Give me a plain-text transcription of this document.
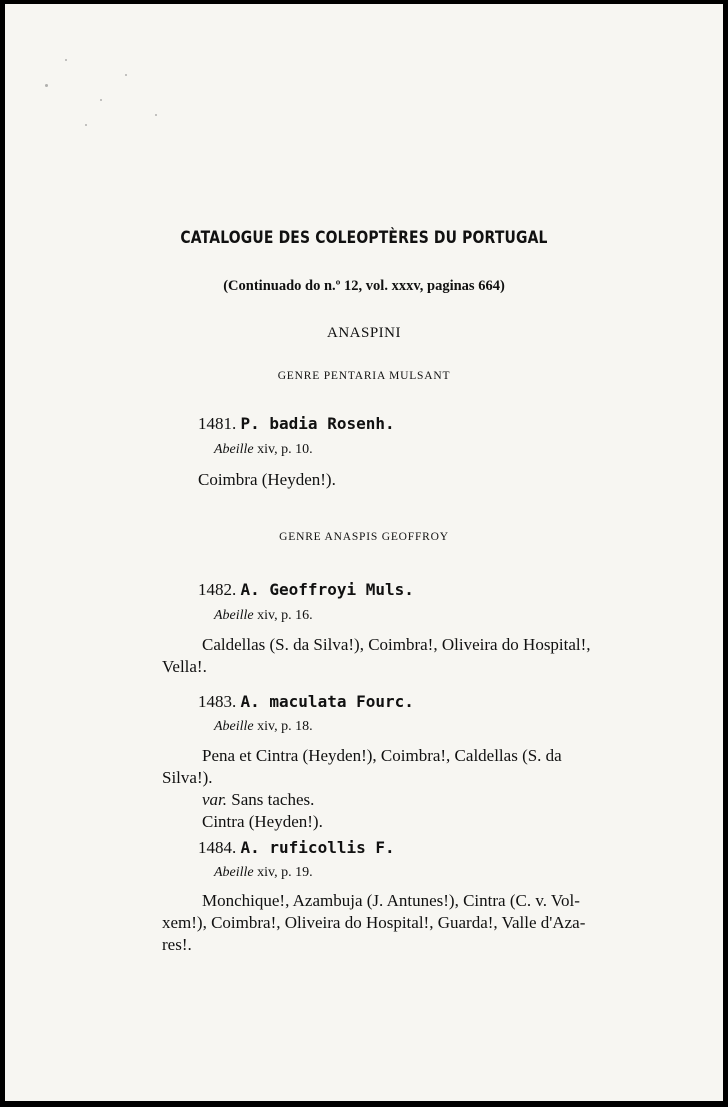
CATALOGUE DES COLEOPTÈRES DU PORTUGAL
(Continuado do n.º 12, vol. xxxv, paginas 664)
ANASPINI
GENRE PENTARIA MULSANT
1481. P. badia Rosenh.
Abeille xiv, p. 10.
Coimbra (Heyden!).
GENRE ANASPIS GEOFFROY
1482. A. Geoffroyi Muls.
Abeille xiv, p. 16.
Caldellas (S. da Silva!), Coimbra!, Oliveira do Hospital!,
Vella!.
1483. A. maculata Fourc.
Abeille xiv, p. 18.
Pena et Cintra (Heyden!), Coimbra!, Caldellas (S. da
Silva!).
var. Sans taches.
Cintra (Heyden!).
1484. A. ruficollis F.
Abeille xiv, p. 19.
Monchique!, Azambuja (J. Antunes!), Cintra (C. v. Vol-
xem!), Coimbra!, Oliveira do Hospital!, Guarda!, Valle d'Aza-
res!.
